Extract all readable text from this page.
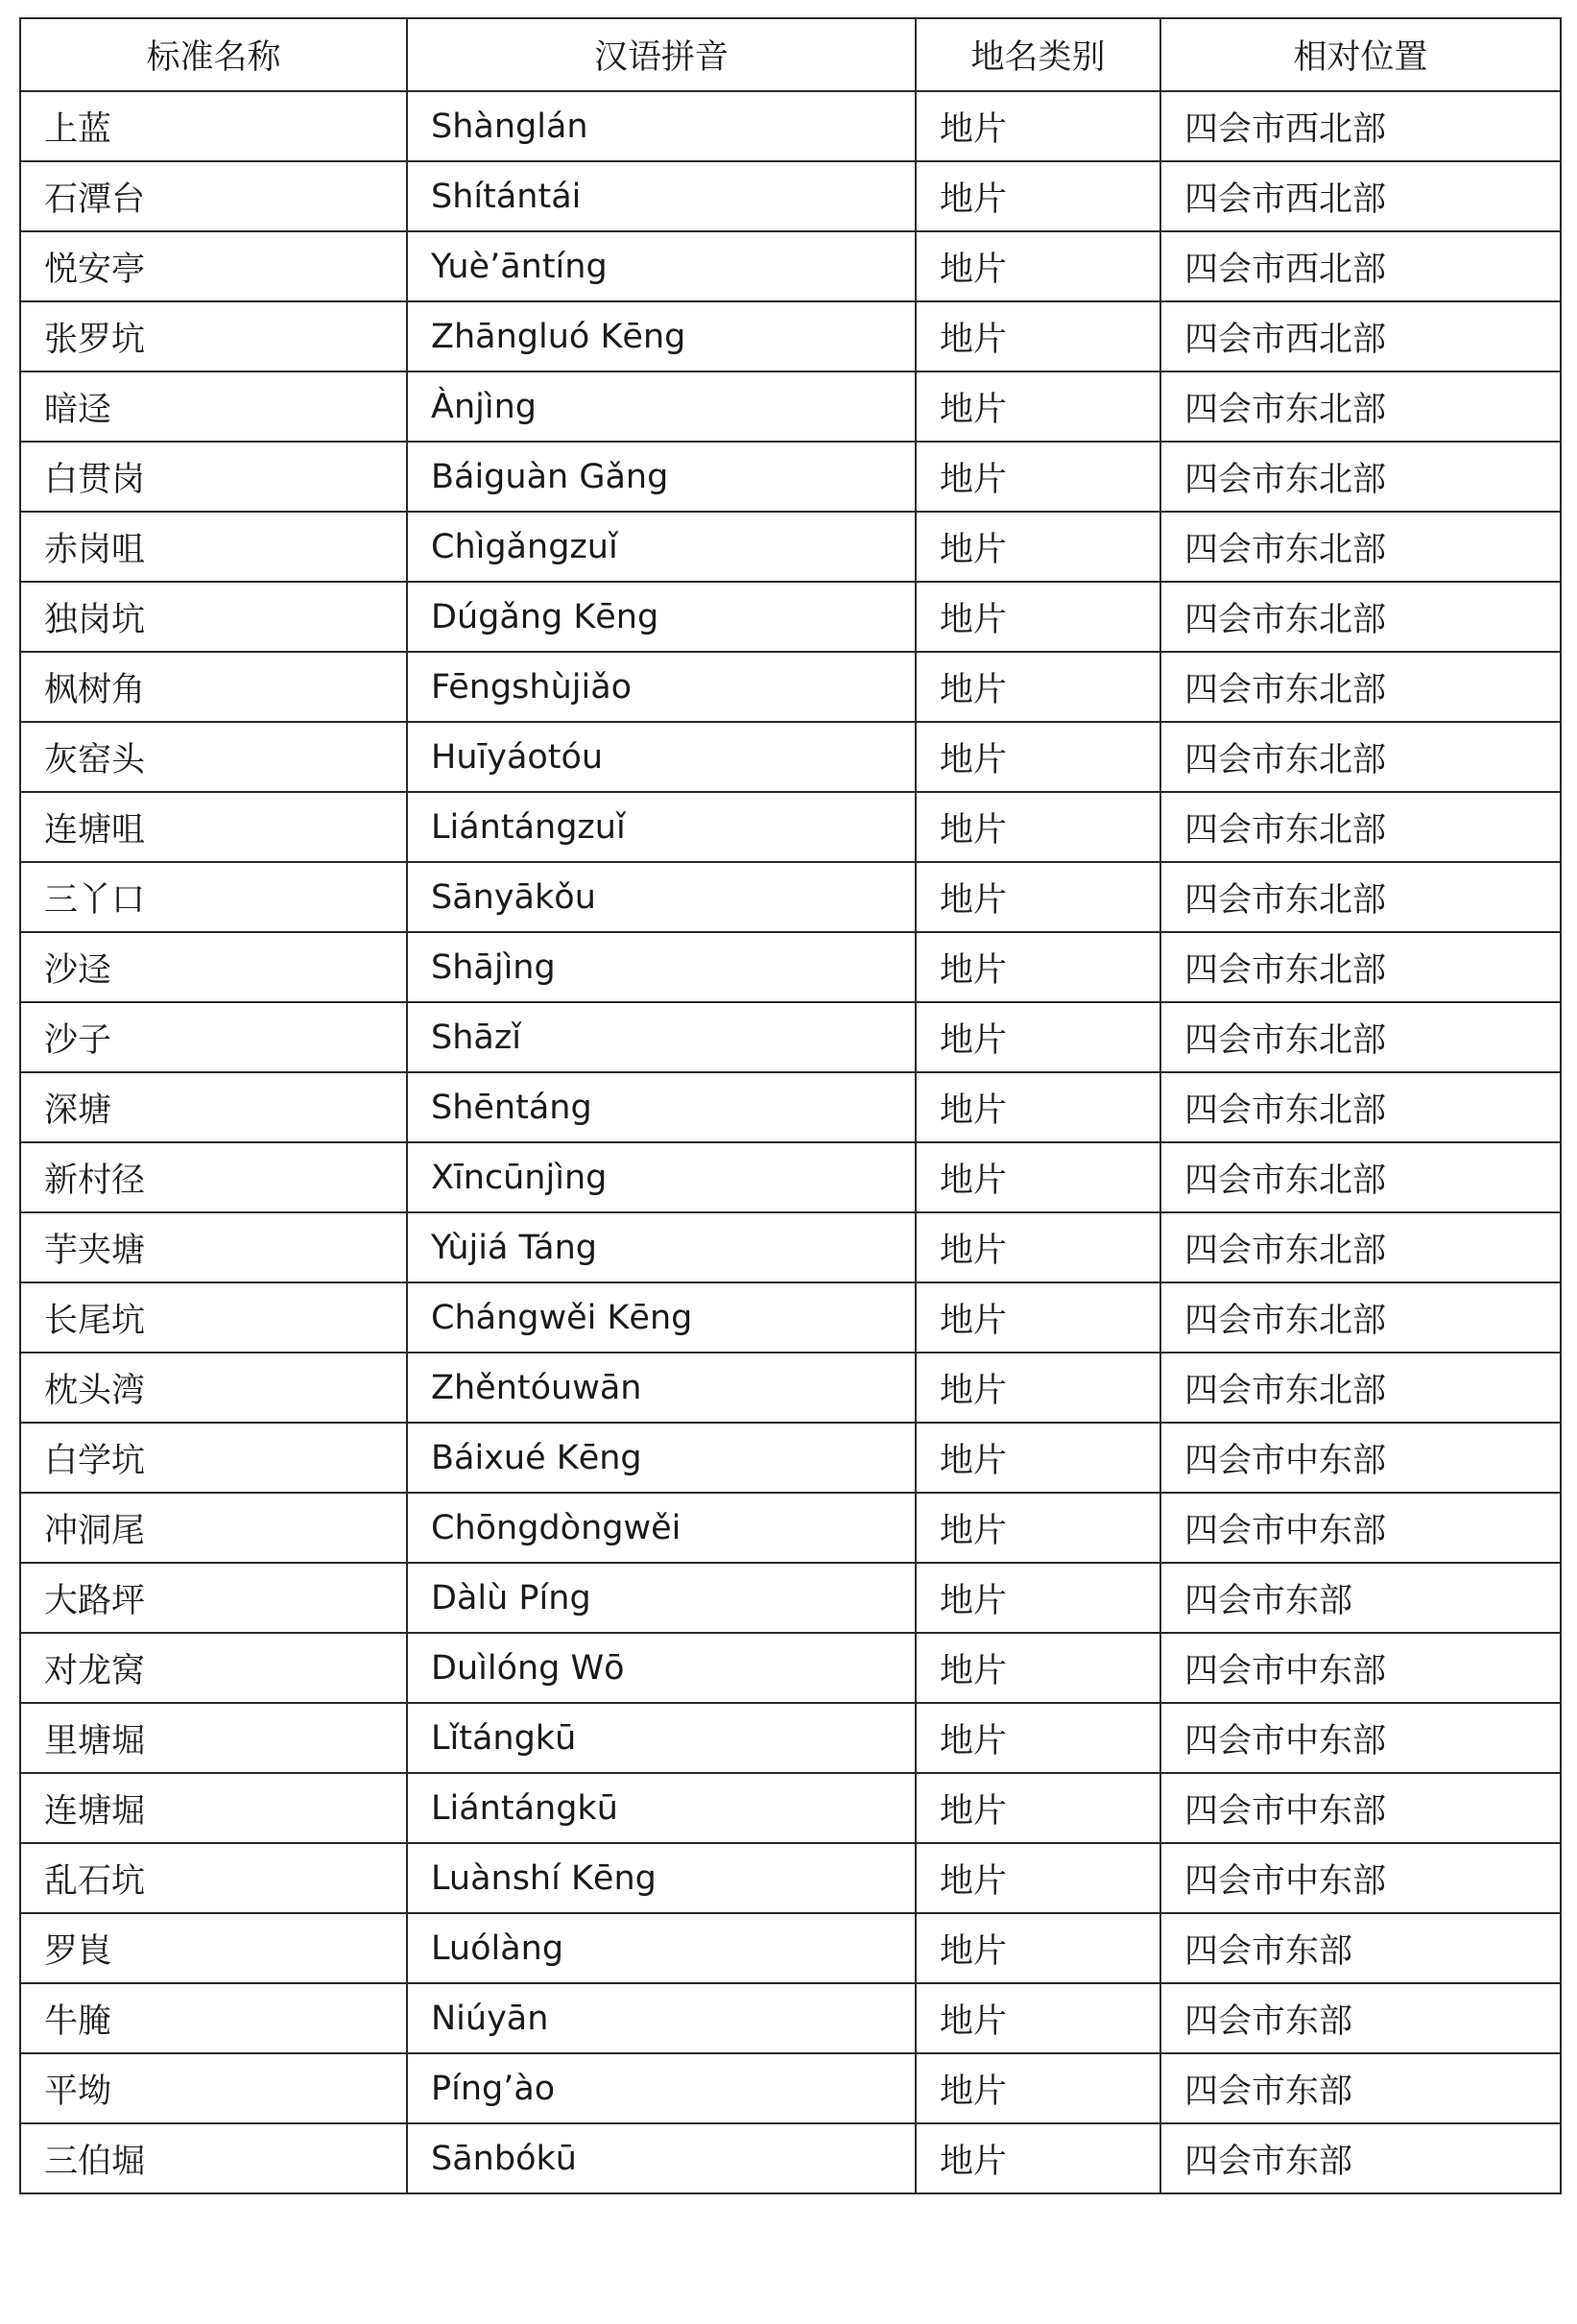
标准名称	汉语拼音	地名类别	相对位置
上蓝	Shànglán	地片	四会市西北部
石潭台	Shítántái	地片	四会市西北部
悦安亭	Yuè’āntíng	地片	四会市西北部
张罗坑	Zhāngluó Kēng	地片	四会市西北部
暗迳	Ànjìng	地片	四会市东北部
白贯岗	Báiguàn Gǎng	地片	四会市东北部
赤岗咀	Chìgǎngzuǐ	地片	四会市东北部
独岗坑	Dúgǎng Kēng	地片	四会市东北部
枫树角	Fēngshùjiǎo	地片	四会市东北部
灰窑头	Huīyáotóu	地片	四会市东北部
连塘咀	Liántángzuǐ	地片	四会市东北部
三丫口	Sānyākǒu	地片	四会市东北部
沙迳	Shājìng	地片	四会市东北部
沙子	Shāzǐ	地片	四会市东北部
深塘	Shēntáng	地片	四会市东北部
新村径	Xīncūnjìng	地片	四会市东北部
芋夹塘	Yùjiá Táng	地片	四会市东北部
长尾坑	Chángwěi Kēng	地片	四会市东北部
枕头湾	Zhěntóuwān	地片	四会市东北部
白学坑	Báixué Kēng	地片	四会市中东部
冲洞尾	Chōngdòngwěi	地片	四会市中东部
大路坪	Dàlù Píng	地片	四会市东部
对龙窝	Duìlóng Wō	地片	四会市中东部
里塘堀	Lǐtángkū	地片	四会市中东部
连塘堀	Liántángkū	地片	四会市中东部
乱石坑	Luànshí Kēng	地片	四会市中东部
罗崀	Luólàng	地片	四会市东部
牛腌	Niúyān	地片	四会市东部
平坳	Píng’ào	地片	四会市东部
三伯堀	Sānbókū	地片	四会市东部
